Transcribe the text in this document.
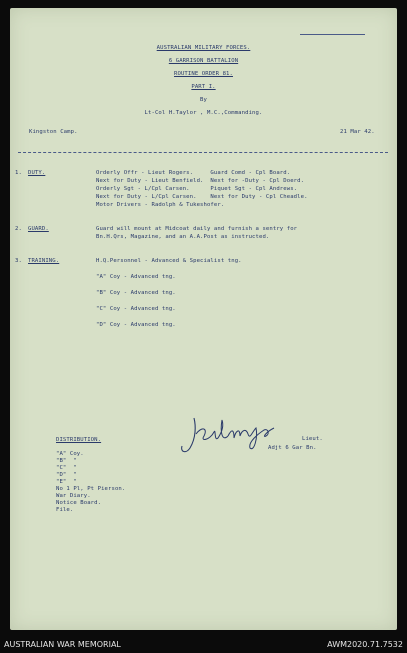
AUSTRALIAN MILITARY FORCES.
6 GARRISON BATTALION
ROUTINE ORDER 81.
PART I.
By
Lt-Col H.Taylor , M.C.,Commanding.
Kingston Camp.	21 Mar 42.
1. DUTY.	Orderly Offr - Lieut Rogers.     Guard Comd - Cpl Board.
Next for Duty - Lieut Benfield.  Next for -Duty - Cpl Doerd.
Orderly Sgt - L/Cpl Carsen.      Piquet Sgt - Cpl Andrews.
Next for Duty - L/Cpl Carsen.    Next for Duty - Cpl Cheadle.
Motor Drivers - Radolph & Tukeshofer.
2. GUARD.	Guard will mount at Midcoat daily and furnish a sentry for
Bn.H.Qrs, Magazine, and an A.A.Post as instructed.
3. TRAINING.	H.Q.Personnel - Advanced & Specialist tng.
"A" Coy - Advanced tng.
"B" Coy - Advanced tng.
"C" Coy - Advanced tng.
"D" Coy - Advanced tng.
Lieut.
Adjt 6 Gar Bn.
DISTRIBUTION.
"A" Coy.
"B"  "
"C"  "
"D"  "
"E"  "
No 1 Pl, Pt Pierson.
War Diary.
Notice Board.
File.
AUSTRALIAN WAR MEMORIAL	AWM2020.71.7532
